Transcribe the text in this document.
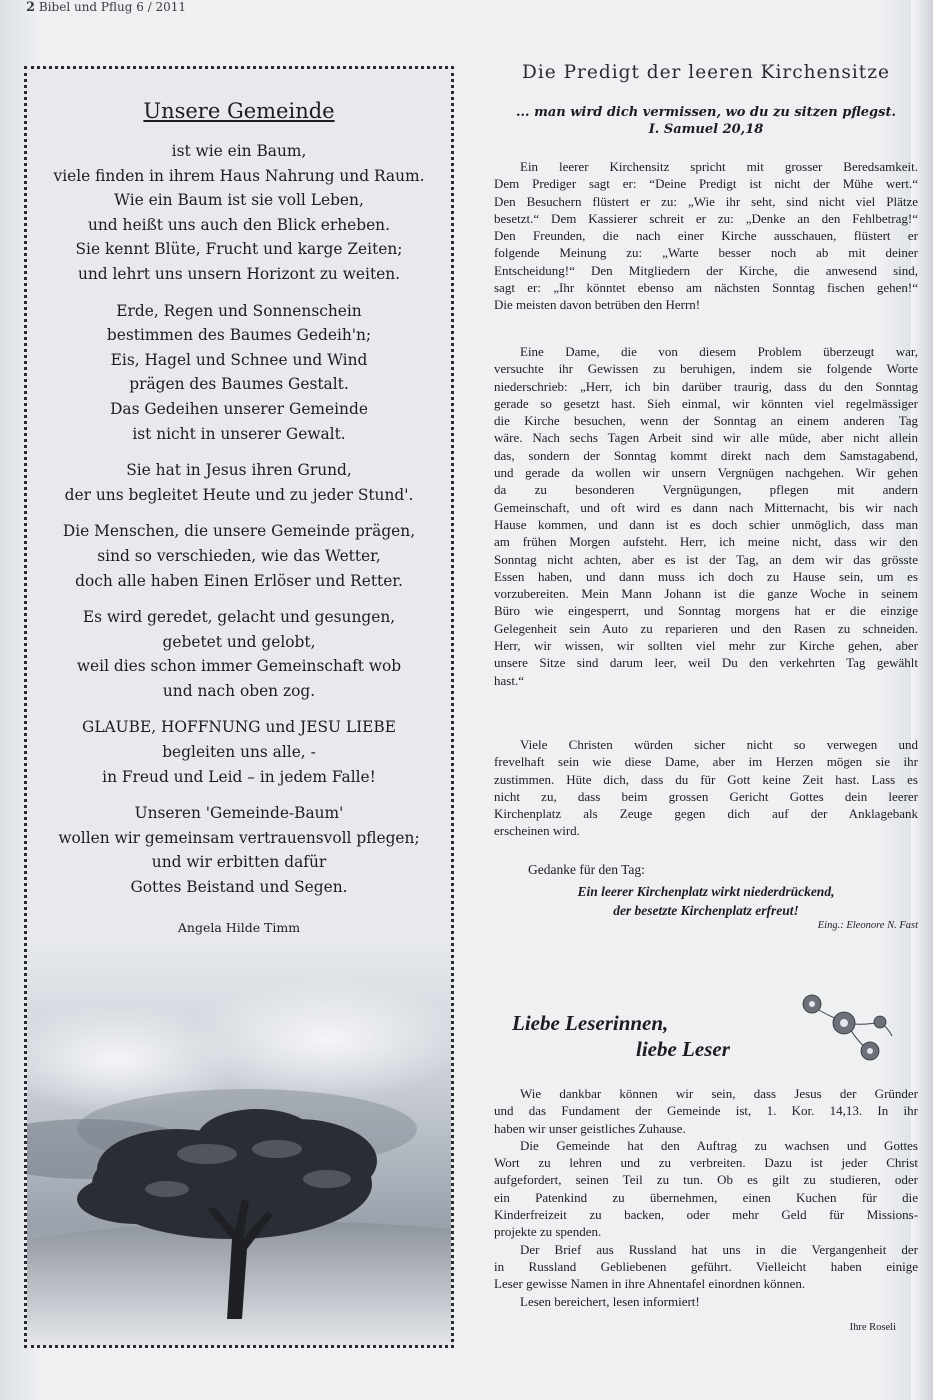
2 Bibel und Pflug 6 / 2011
Unsere Gemeinde
ist wie ein Baum,
viele finden in ihrem Haus Nahrung und Raum.
Wie ein Baum ist sie voll Leben,
und heißt uns auch den Blick erheben.
Sie kennt Blüte, Frucht und karge Zeiten;
und lehrt uns unsern Horizont zu weiten.
Erde, Regen und Sonnenschein
bestimmen des Baumes Gedeih'n;
Eis, Hagel und Schnee und Wind
prägen des Baumes Gestalt.
Das Gedeihen unserer Gemeinde
ist nicht in unserer Gewalt.
Sie hat in Jesus ihren Grund,
der uns begleitet Heute und zu jeder Stund'.
Die Menschen, die unsere Gemeinde prägen,
sind so verschieden, wie das Wetter,
doch alle haben Einen Erlöser und Retter.
Es wird geredet, gelacht und gesungen,
gebetet und gelobt,
weil dies schon immer Gemeinschaft wob
und nach oben zog.
GLAUBE, HOFFNUNG und JESU LIEBE
begleiten uns alle, -
in Freud und Leid – in jedem Falle!
Unseren 'Gemeinde-Baum'
wollen wir gemeinsam vertrauensvoll pflegen;
und wir erbitten dafür
Gottes Beistand und Segen.
Angela Hilde Timm
Die Predigt der leeren Kirchensitze
... man wird dich vermissen, wo du zu sitzen pflegst.
I. Samuel 20,18
Ein leerer Kirchensitz spricht mit grosser Beredsamkeit.
Dem Prediger sagt er: “Deine Predigt ist nicht der Mühe wert.“
Den Besuchern flüstert er zu: „Wie ihr seht, sind nicht viel Plätze
besetzt.“ Dem Kassierer schreit er zu: „Denke an den Fehlbetrag!“
Den Freunden, die nach einer Kirche ausschauen, flüstert er
folgende Meinung zu: „Warte besser noch ab mit deiner
Entscheidung!“ Den Mitgliedern der Kirche, die anwesend sind,
sagt er: „Ihr könntet ebenso am nächsten Sonntag fischen gehen!“
Die meisten davon betrüben den Herrn!
Eine Dame, die von diesem Problem überzeugt war,
versuchte ihr Gewissen zu beruhigen, indem sie folgende Worte
niederschrieb: „Herr, ich bin darüber traurig, dass du den Sonntag
gerade so gesetzt hast. Sieh einmal, wir könnten viel regelmässiger
die Kirche besuchen, wenn der Sonntag an einem anderen Tag
wäre. Nach sechs Tagen Arbeit sind wir alle müde, aber nicht allein
das, sondern der Sonntag kommt direkt nach dem Samstagabend,
und gerade da wollen wir unsern Vergnügen nachgehen. Wir gehen
da zu besonderen Vergnügungen, pflegen mit andern
Gemeinschaft, und oft wird es dann nach Mitternacht, bis wir nach
Hause kommen, und dann ist es doch schier unmöglich, dass man
am frühen Morgen aufsteht. Herr, ich meine nicht, dass wir den
Sonntag nicht achten, aber es ist der Tag, an dem wir das grösste
Essen haben, und dann muss ich doch zu Hause sein, um es
vorzubereiten. Mein Mann Johann ist die ganze Woche in seinem
Büro wie eingesperrt, und Sonntag morgens hat er die einzige
Gelegenheit sein Auto zu reparieren und den Rasen zu schneiden.
Herr, wir wissen, wir sollten viel mehr zur Kirche gehen, aber
unsere Sitze sind darum leer, weil Du den verkehrten Tag gewählt
hast.“
Viele Christen würden sicher nicht so verwegen und
frevelhaft sein wie diese Dame, aber im Herzen mögen sie ihr
zustimmen. Hüte dich, dass du für Gott keine Zeit hast. Lass es
nicht zu, dass beim grossen Gericht Gottes dein leerer
Kirchenplatz als Zeuge gegen dich auf der Anklagebank
erscheinen wird.
Gedanke für den Tag:
Ein leerer Kirchenplatz wirkt niederdrückend,
der besetzte Kirchenplatz erfreut!
Eing.: Eleonore N. Fast
Liebe Leserinnen,
liebe Leser
Wie dankbar können wir sein, dass Jesus der Gründer
und das Fundament der Gemeinde ist, 1. Kor. 14,13. In ihr
haben wir unser geistliches Zuhause.
Die Gemeinde hat den Auftrag zu wachsen und Gottes
Wort zu lehren und zu verbreiten. Dazu ist jeder Christ
aufgefordert, seinen Teil zu tun. Ob es gilt zu studieren, oder
ein Patenkind zu übernehmen, einen Kuchen für die
Kinderfreizeit zu backen, oder mehr Geld für Missions-
projekte zu spenden.
Der Brief aus Russland hat uns in die Vergangenheit der
in Russland Gebliebenen geführt. Vielleicht haben einige
Leser gewisse Namen in ihre Ahnentafel einordnen können.
Lesen bereichert, lesen informiert!
Ihre Roseli
